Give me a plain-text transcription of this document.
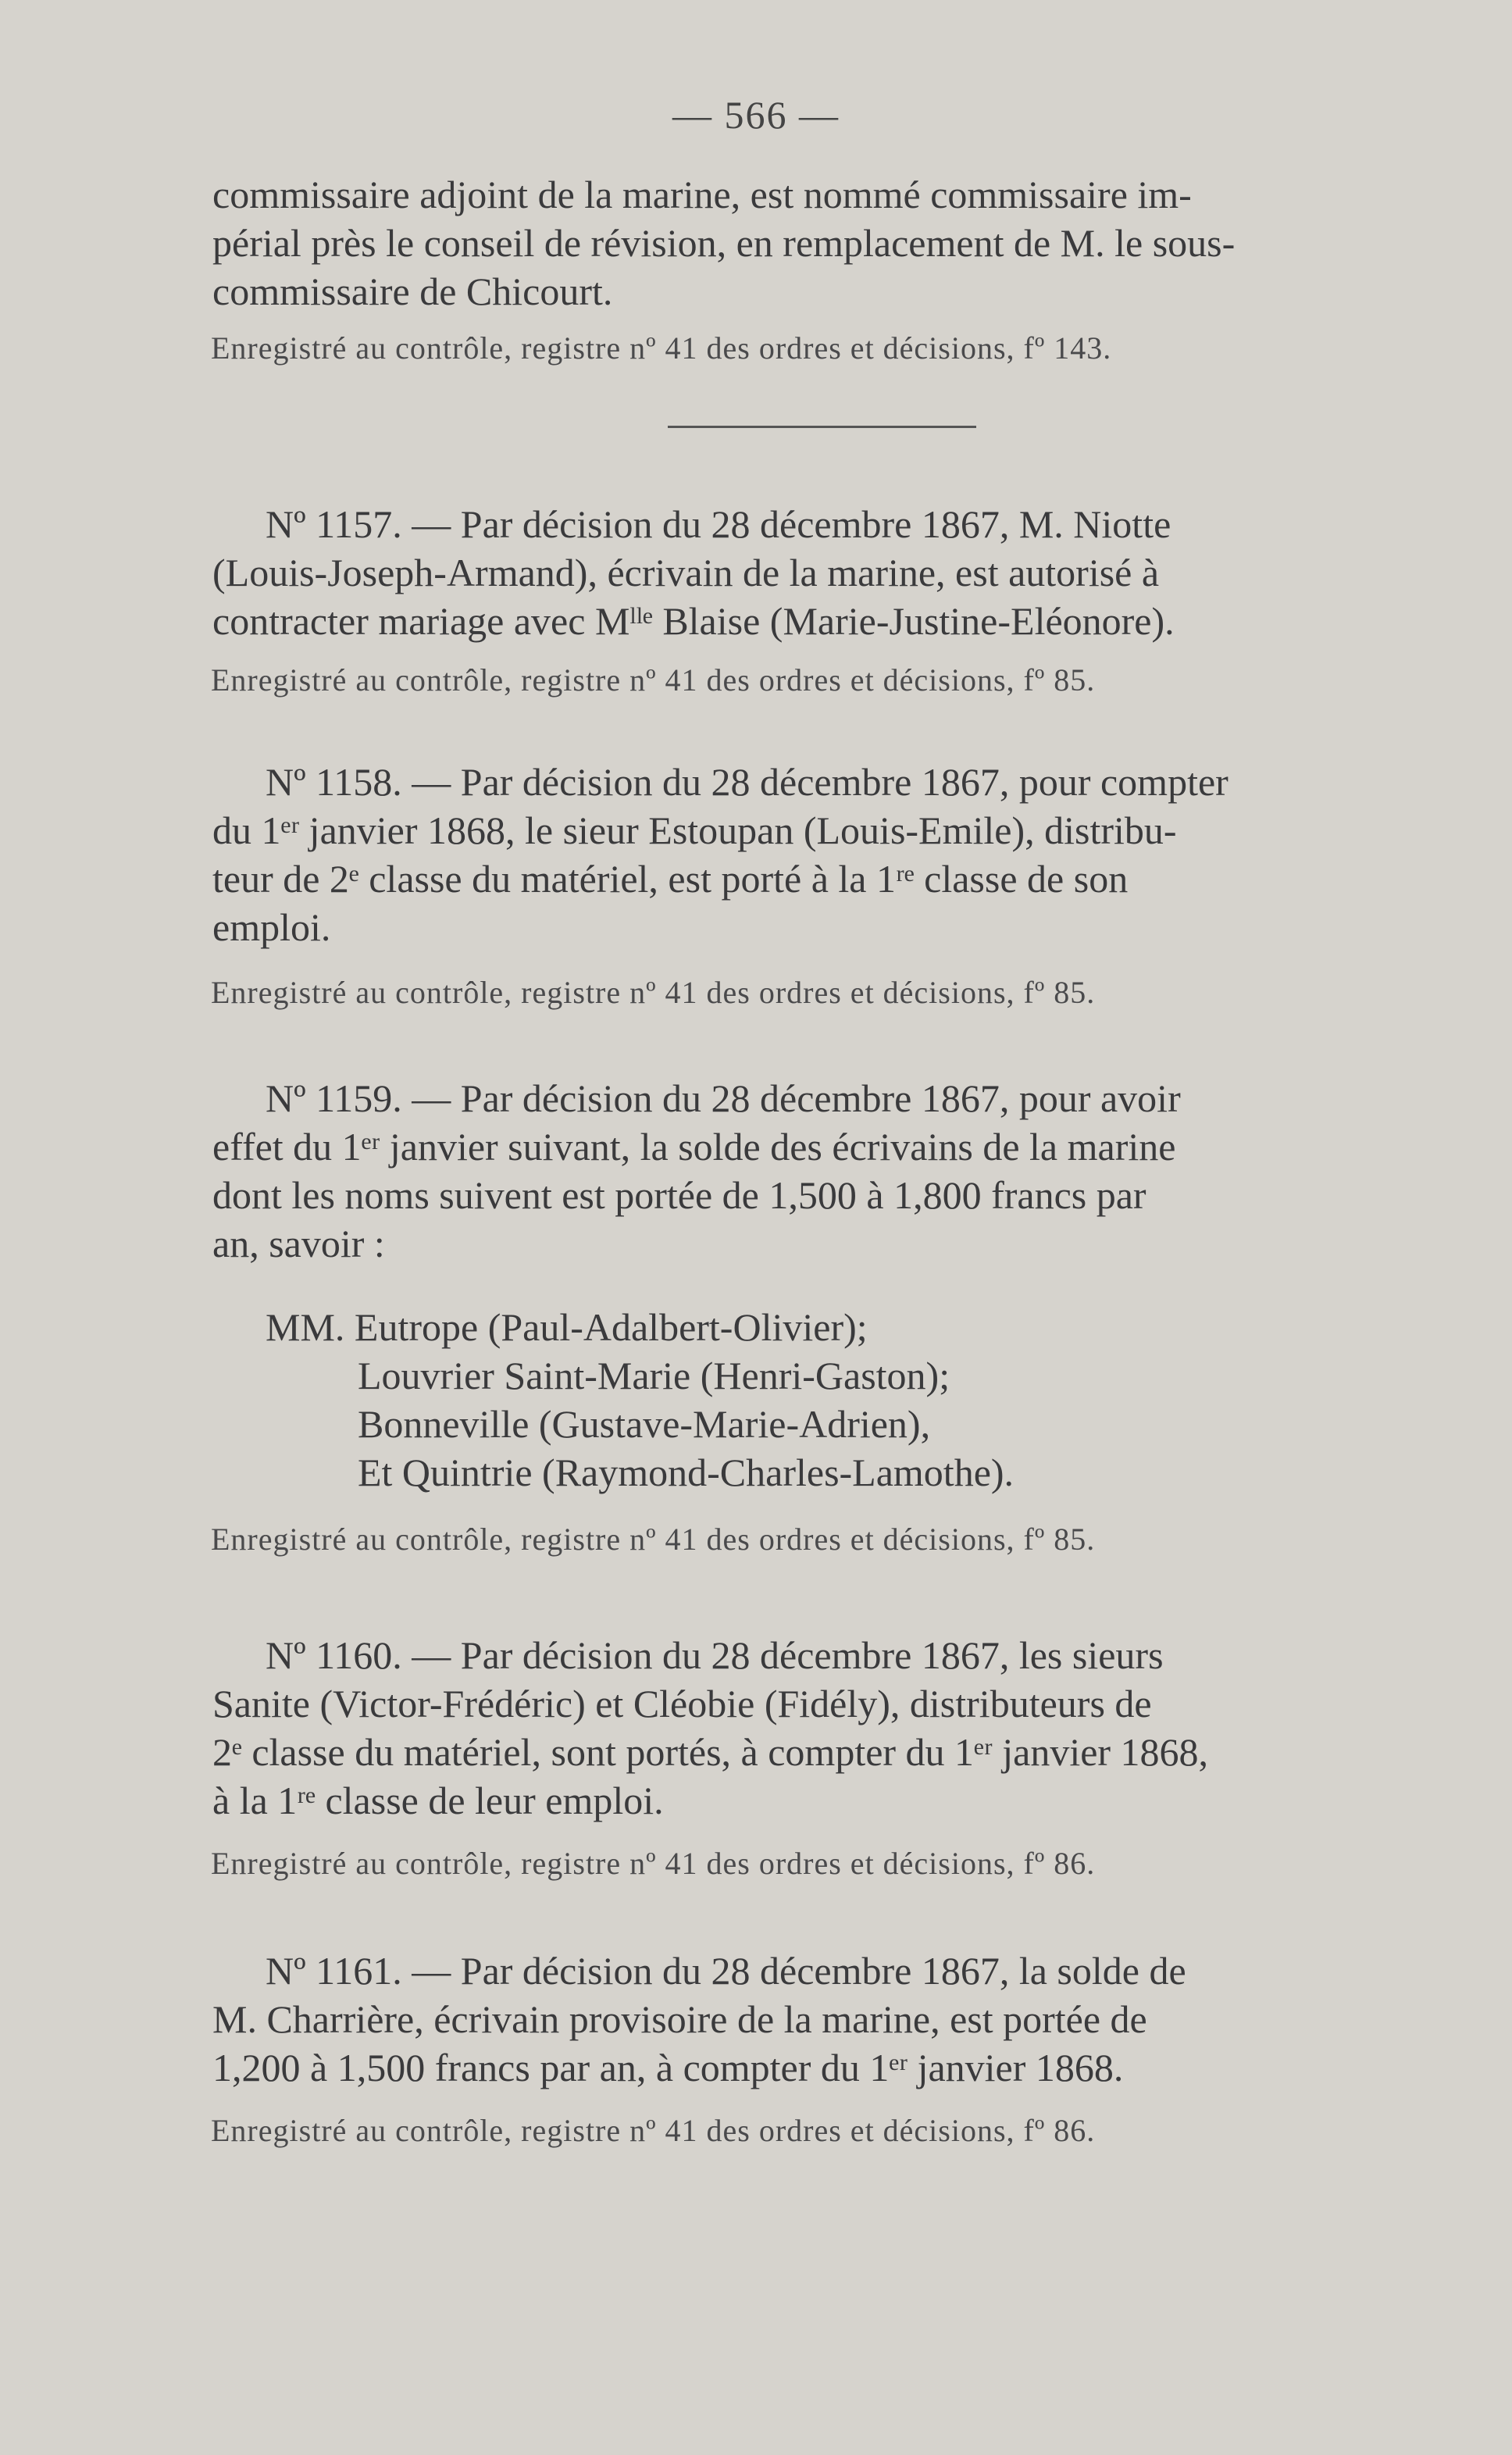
— 566 —
commissaire adjoint de la marine, est nommé commissaire im-
périal près le conseil de révision, en remplacement de M. le sous-
commissaire de Chicourt.
Enregistré au contrôle, registre nº 41 des ordres et décisions, fº 143.
Nº 1157. — Par décision du 28 décembre 1867, M. Niotte
(Louis-Joseph-Armand), écrivain de la marine, est autorisé à
contracter mariage avec Mˡˡᵉ Blaise (Marie-Justine-Eléonore).
Enregistré au contrôle, registre nº 41 des ordres et décisions, fº 85.
Nº 1158. — Par décision du 28 décembre 1867, pour compter
du 1ᵉʳ janvier 1868, le sieur Estoupan (Louis-Emile), distribu-
teur de 2ᵉ classe du matériel, est porté à la 1ʳᵉ classe de son
emploi.
Enregistré au contrôle, registre nº 41 des ordres et décisions, fº 85.
Nº 1159. — Par décision du 28 décembre 1867, pour avoir
effet du 1ᵉʳ janvier suivant, la solde des écrivains de la marine
dont les noms suivent est portée de 1,500 à 1,800 francs par
an, savoir :
MM. Eutrope (Paul-Adalbert-Olivier);
Louvrier Saint-Marie (Henri-Gaston);
Bonneville (Gustave-Marie-Adrien),
Et Quintrie (Raymond-Charles-Lamothe).
Enregistré au contrôle, registre nº 41 des ordres et décisions, fº 85.
Nº 1160. — Par décision du 28 décembre 1867, les sieurs
Sanite (Victor-Frédéric) et Cléobie (Fidély), distributeurs de
2ᵉ classe du matériel, sont portés, à compter du 1ᵉʳ janvier 1868,
à la 1ʳᵉ classe de leur emploi.
Enregistré au contrôle, registre nº 41 des ordres et décisions, fº 86.
Nº 1161. — Par décision du 28 décembre 1867, la solde de
M. Charrière, écrivain provisoire de la marine, est portée de
1,200 à 1,500 francs par an, à compter du 1ᵉʳ janvier 1868.
Enregistré au contrôle, registre nº 41 des ordres et décisions, fº 86.
